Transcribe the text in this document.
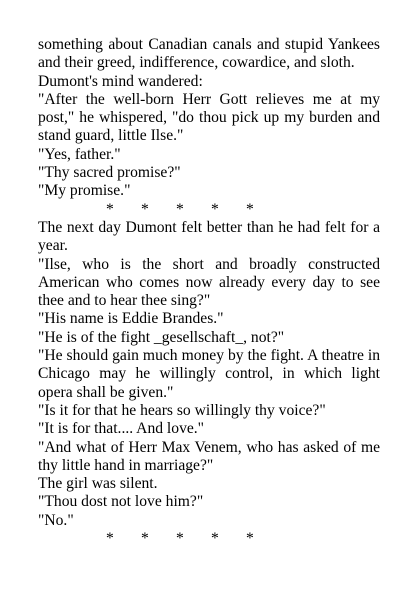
something about Canadian canals and stupid Yankees and their greed, indifference, cowardice, and sloth.

Dumont's mind wandered:

"After the well-born Herr Gott relieves me at my post," he whispered, "do thou pick up my burden and stand guard, little Ilse."

"Yes, father."

"Thy sacred promise?"

"My promise."

* * * * *

The next day Dumont felt better than he had felt for a year.

"Ilse, who is the short and broadly constructed American who comes now already every day to see thee and to hear thee sing?"

"His name is Eddie Brandes."

"He is of the fight _gesellschaft_, not?"

"He should gain much money by the fight. A theatre in Chicago may he willingly control, in which light opera shall be given."

"Is it for that he hears so willingly thy voice?"

"It is for that.... And love."

"And what of Herr Max Venem, who has asked of me thy little hand in marriage?"

The girl was silent.

"Thou dost not love him?"

"No."

* * * * *
